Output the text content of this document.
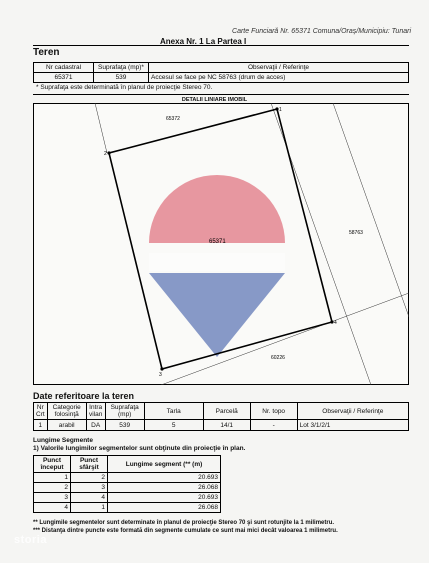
Carte Funciară Nr. 65371 Comuna/Oraș/Municipiu: Tunari
Anexa Nr. 1 La Partea I
Teren
Nr cadastral	Suprafaţa (mp)*	Observaţii / Referinţe
65371	539	Accesul se face pe NC 58763 (drum de acces)
* Suprafaţa este determinată în planul de proiecţie Stereo 70.
DETALII LINIARE IMOBIL
1
2
3
4
65372
65371
58763
60226
Date referitoare la teren
Nr Crt	Categorie folosinţă	Intra vilan	Suprafaţa (mp)	Tarla	Parcelă	Nr. topo	Observaţii / Referinţe
1	arabil	DA	539	5	14/1	-	Lot 3/1/2/1
Lungime Segmente
1) Valorile lungimilor segmentelor sunt obţinute din proiecţie în plan.
Punct început	Punct sfârşit	Lungime segment (** (m)
1	2	20.693
2	3	26.068
3	4	20.693
4	1	26.068
** Lungimile segmentelor sunt determinate în planul de proiecţie Stereo 70 şi sunt rotunjite la 1 milimetru.
*** Distanţa dintre puncte este formată din segmente cumulate ce sunt mai mici decât valoarea 1 milimetru.
storia
